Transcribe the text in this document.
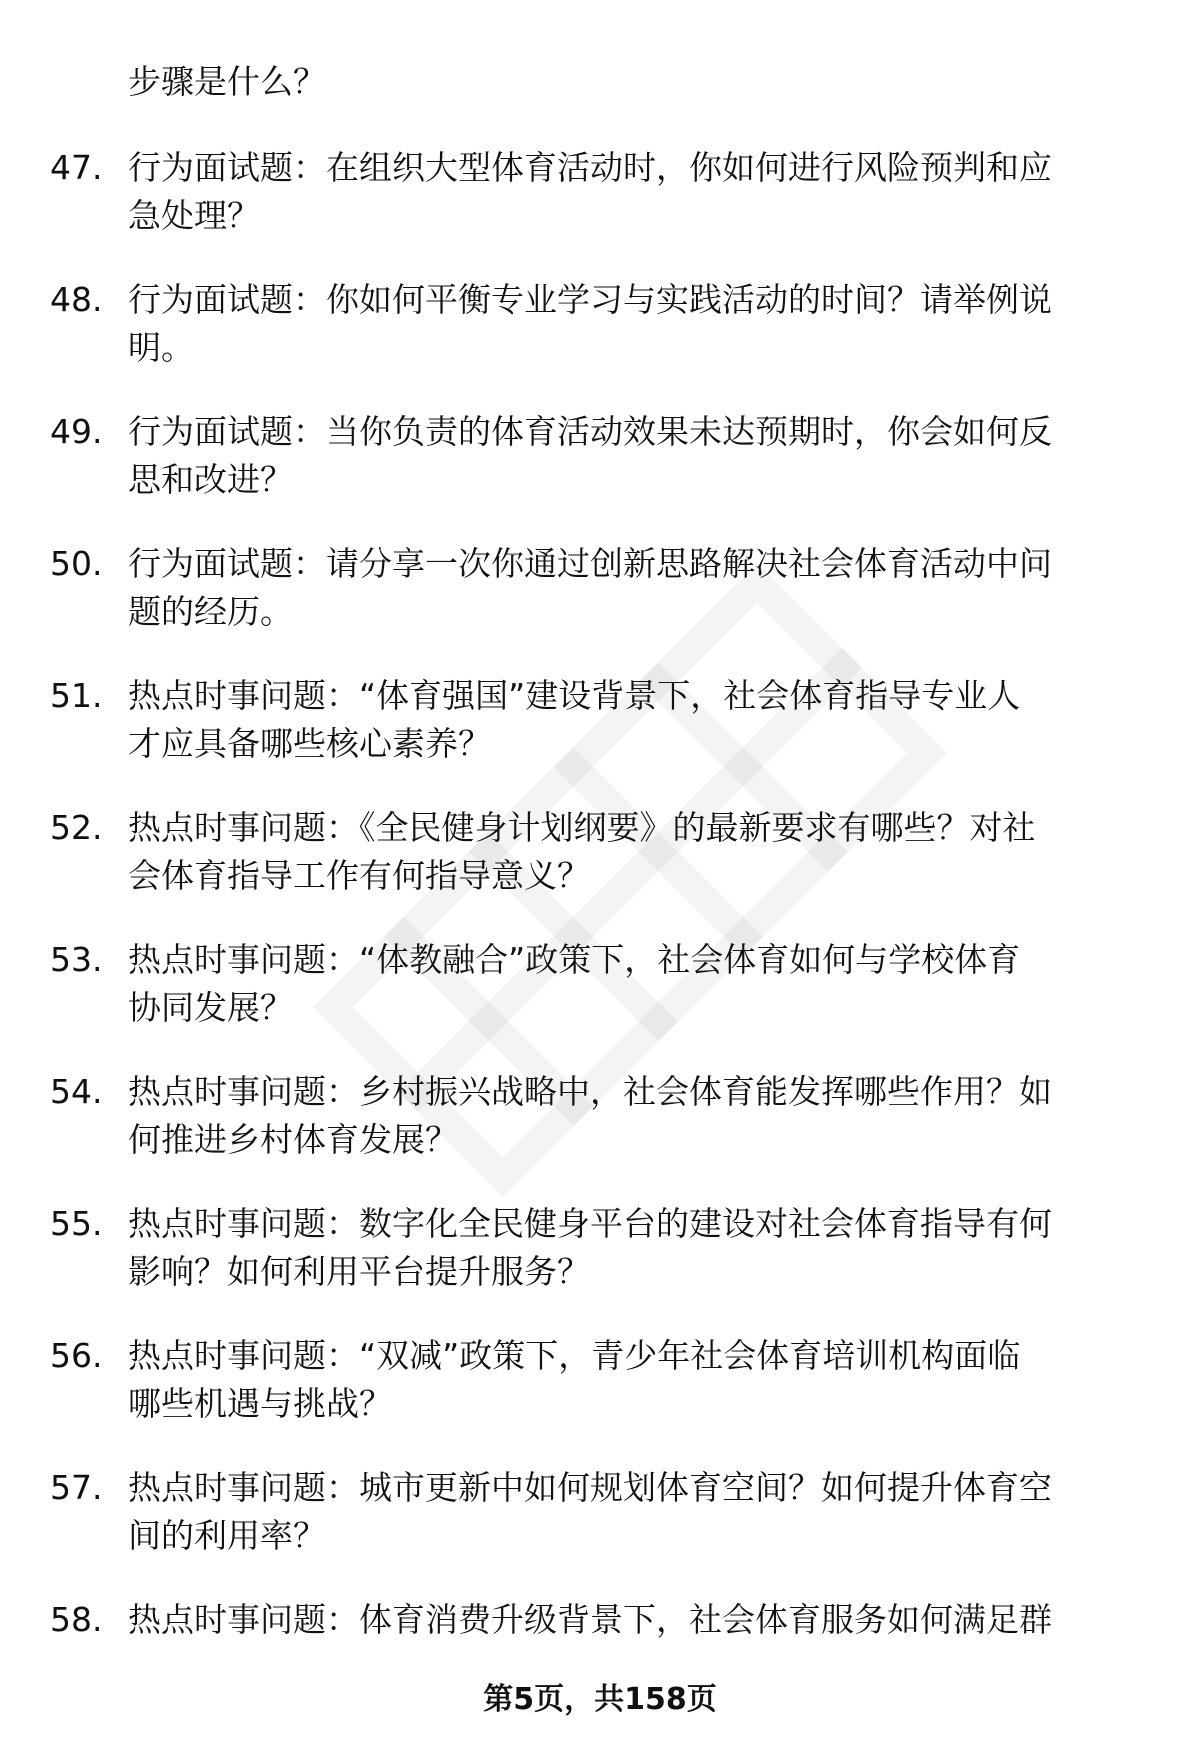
步骤是什么？
47. 行为面试题：在组织大型体育活动时，你如何进行风险预判和应
急处理？
48. 行为面试题：你如何平衡专业学习与实践活动的时间？请举例说
明。
49. 行为面试题：当你负责的体育活动效果未达预期时，你会如何反
思和改进？
50. 行为面试题：请分享一次你通过创新思路解决社会体育活动中问
题的经历。
51. 热点时事问题：“体育强国”建设背景下，社会体育指导专业人
才应具备哪些核心素养？
52. 热点时事问题：《全民健身计划纲要》的最新要求有哪些？对社
会体育指导工作有何指导意义？
53. 热点时事问题：“体教融合”政策下，社会体育如何与学校体育
协同发展？
54. 热点时事问题：乡村振兴战略中，社会体育能发挥哪些作用？如
何推进乡村体育发展？
55. 热点时事问题：数字化全民健身平台的建设对社会体育指导有何
影响？如何利用平台提升服务？
56. 热点时事问题：“双减”政策下，青少年社会体育培训机构面临
哪些机遇与挑战？
57. 热点时事问题：城市更新中如何规划体育空间？如何提升体育空
间的利用率？
58. 热点时事问题：体育消费升级背景下，社会体育服务如何满足群
第5页，共158页
